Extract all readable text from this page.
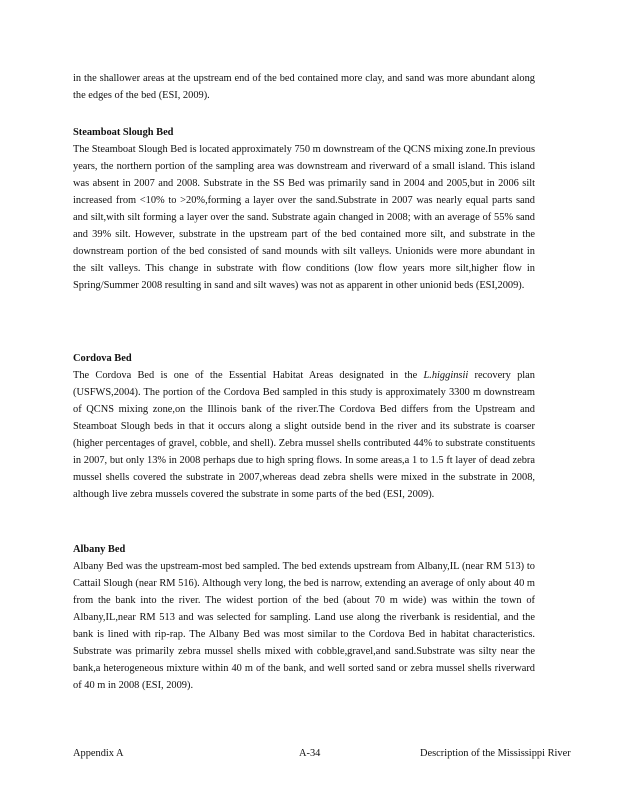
in the shallower areas at the upstream end of the bed contained more clay, and sand was more abundant along the edges of the bed (ESI, 2009).

Steamboat Slough Bed

The Steamboat Slough Bed is located approximately 750 m downstream of the QCNS mixing zone.In previous years, the northern portion of the sampling area was downstream and riverward of a small island. This island was absent in 2007 and 2008. Substrate in the SS Bed was primarily sand in 2004 and 2005,but in 2006 silt increased from <10% to >20%,forming a layer over the sand.Substrate in 2007 was nearly equal parts sand and silt,with silt forming a layer over the sand. Substrate again changed in 2008; with an average of 55% sand and 39% silt. However, substrate in the upstream part of the bed contained more silt, and substrate in the downstream portion of the bed consisted of sand mounds with silt valleys. Unionids were more abundant in the silt valleys. This change in substrate with flow conditions (low flow years more silt,higher flow in Spring/Summer 2008 resulting in sand and silt waves) was not as apparent in other unionid beds (ESI,2009).

Cordova Bed

The Cordova Bed is one of the Essential Habitat Areas designated in the L.higginsii recovery plan (USFWS,2004). The portion of the Cordova Bed sampled in this study is approximately 3300 m downstream of QCNS mixing zone,on the Illinois bank of the river.The Cordova Bed differs from the Upstream and Steamboat Slough beds in that it occurs along a slight outside bend in the river and its substrate is coarser (higher percentages of gravel, cobble, and shell). Zebra mussel shells contributed 44% to substrate constituents in 2007, but only 13% in 2008 perhaps due to high spring flows. In some areas,a 1 to 1.5 ft layer of dead zebra mussel shells covered the substrate in 2007,whereas dead zebra shells were mixed in the substrate in 2008, although live zebra mussels covered the substrate in some parts of the bed (ESI, 2009).

Albany Bed

Albany Bed was the upstream-most bed sampled. The bed extends upstream from Albany,IL (near RM 513) to Cattail Slough (near RM 516). Although very long, the bed is narrow, extending an average of only about 40 m from the bank into the river. The widest portion of the bed (about 70 m wide) was within the town of Albany,IL,near RM 513 and was selected for sampling. Land use along the riverbank is residential, and the bank is lined with rip-rap. The Albany Bed was most similar to the Cordova Bed in habitat characteristics. Substrate was primarily zebra mussel shells mixed with cobble,gravel,and sand.Substrate was silty near the bank,a heterogeneous mixture within 40 m of the bank, and well sorted sand or zebra mussel shells riverward of 40 m in 2008 (ESI, 2009).

Appendix A	A-34	Description of the Mississippi River
